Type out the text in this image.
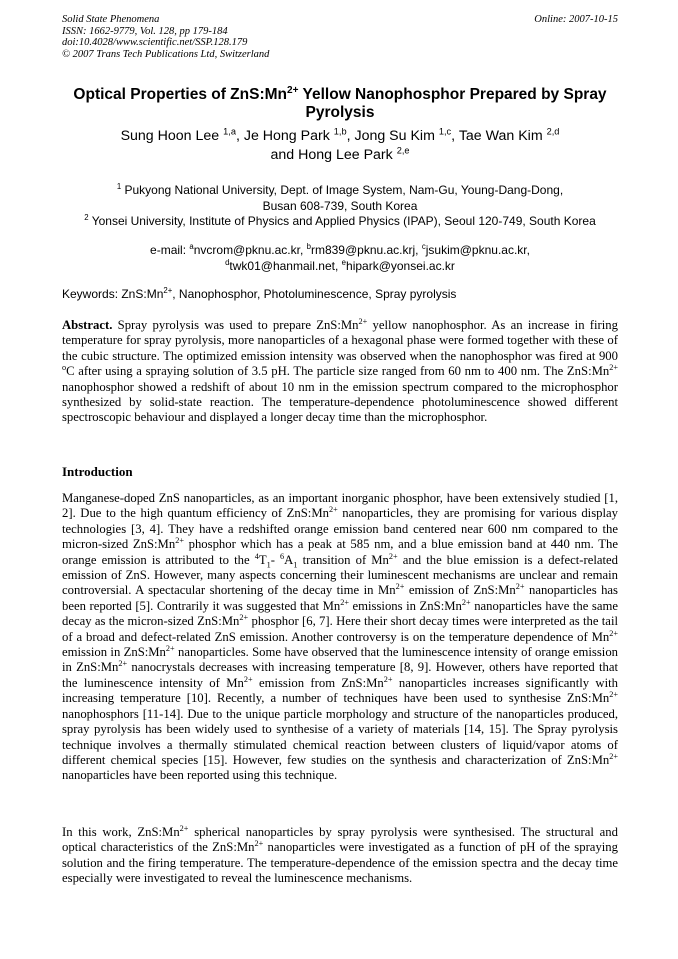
Solid State Phenomena
ISSN: 1662-9779, Vol. 128, pp 179-184
doi:10.4028/www.scientific.net/SSP.128.179
© 2007 Trans Tech Publications Ltd, Switzerland
Online: 2007-10-15
Optical Properties of $ZnS:Mn^{2+}$ Yellow Nanophosphor Prepared by Spray Pyrolysis
Sung Hoon Lee $^{1,a}$, Je Hong Park $^{1,b}$, Jong Su Kim $^{1,c}$, Tae Wan Kim $^{2,d}$
and Hong Lee Park $^{2,e}$
$^1$ Pukyong National University, Dept. of Image System, Nam-Gu, Young-Dang-Dong,
Busan 608-739, South Korea
$^2$ Yonsei University, Institute of Physics and Applied Physics (IPAP), Seoul 120-749, South Korea
e-mail: $^a$nvcrom@pknu.ac.kr, $^b$rm839@pknu.ac.krj, $^c$jsukim@pknu.ac.kr,
$^d$twk01@hanmail.net, $^e$hipark@yonsei.ac.kr
Keywords: $ZnS:Mn^{2+}$, Nanophosphor, Photoluminescence, Spray pyrolysis
Abstract. Spray pyrolysis was used to prepare $ZnS:Mn^{2+}$ yellow nanophosphor. As an increase in firing temperature for spray pyrolysis, more nanoparticles of a hexagonal phase were formed together with these of the cubic structure. The optimized emission intensity was observed when the nanophosphor was fired at 900 $^o$C after using a spraying solution of 3.5 pH. The particle size ranged from 60 nm to 400 nm. The $ZnS:Mn^{2+}$ nanophosphor showed a redshift of about 10 nm in the emission spectrum compared to the microphosphor synthesized by solid-state reaction. The temperature-dependence photoluminescence showed different spectroscopic behaviour and displayed a longer decay time than the microphosphor.
Introduction
Manganese-doped ZnS nanoparticles, as an important inorganic phosphor, have been extensively studied [1, 2]. Due to the high quantum efficiency of $ZnS:Mn^{2+}$ nanoparticles, they are promising for various display technologies [3, 4]. They have a redshifted orange emission band centered near 600 nm compared to the micron-sized $ZnS:Mn^{2+}$ phosphor which has a peak at 585 nm, and a blue emission band at 440 nm. The orange emission is attributed to the $^4T_1-$ $^6A_1$ transition of $Mn^{2+}$ and the blue emission is a defect-related emission of ZnS. However, many aspects concerning their luminescent mechanisms are unclear and remain controversial. A spectacular shortening of the decay time in $Mn^{2+}$ emission of $ZnS:Mn^{2+}$ nanoparticles has been reported [5]. Contrarily it was suggested that $Mn^{2+}$ emissions in $ZnS:Mn^{2+}$ nanoparticles have the same decay as the micron-sized $ZnS:Mn^{2+}$ phosphor [6, 7]. Here their short decay times were interpreted as the tail of a broad and defect-related ZnS emission. Another controversy is on the temperature dependence of $Mn^{2+}$ emission in $ZnS:Mn^{2+}$ nanoparticles. Some have observed that the luminescence intensity of orange emission in $ZnS:Mn^{2+}$ nanocrystals decreases with increasing temperature [8, 9]. However, others have reported that the luminescence intensity of $Mn^{2+}$ emission from $ZnS:Mn^{2+}$ nanoparticles increases significantly with increasing temperature [10]. Recently, a number of techniques have been used to synthesise $ZnS:Mn^{2+}$ nanophosphors [11-14]. Due to the unique particle morphology and structure of the nanoparticles produced, spray pyrolysis has been widely used to synthesise of a variety of materials [14, 15]. The Spray pyrolysis technique involves a thermally stimulated chemical reaction between clusters of liquid/vapor atoms of different chemical species [15]. However, few studies on the synthesis and characterization of $ZnS:Mn^{2+}$ nanoparticles have been reported using this technique.
In this work, $ZnS:Mn^{2+}$ spherical nanoparticles by spray pyrolysis were synthesised. The structural and optical characteristics of the $ZnS:Mn^{2+}$ nanoparticles were investigated as a function of pH of the spraying solution and the firing temperature. The temperature-dependence of the emission spectra and the decay time especially were investigated to reveal the luminescence mechanisms.
